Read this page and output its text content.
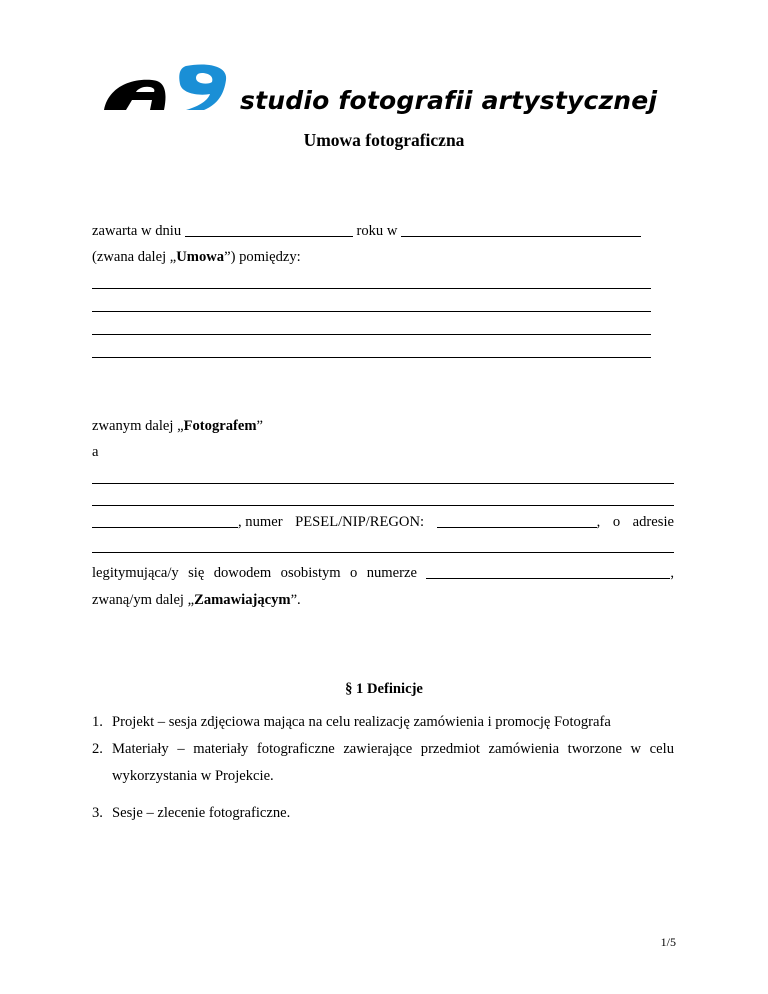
studio fotografii artystycznej
Umowa fotograficzna
zawarta w dniu	roku w
(zwana dalej „Umowa”) pomiędzy:
zwanym dalej „Fotografem”
a
, numer PESEL/NIP/REGON:	, o adresie
legitymująca/y się dowodem osobistym o numerze	,
zwaną/ym dalej „Zamawiającym”.
§ 1 Definicje
1. Projekt – sesja zdjęciowa mająca na celu realizację zamówienia i promocję Fotografa
2. Materiały – materiały fotograficzne zawierające przedmiot zamówienia tworzone w celu
wykorzystania w Projekcie.
3. Sesje – zlecenie fotograficzne.
1/5
